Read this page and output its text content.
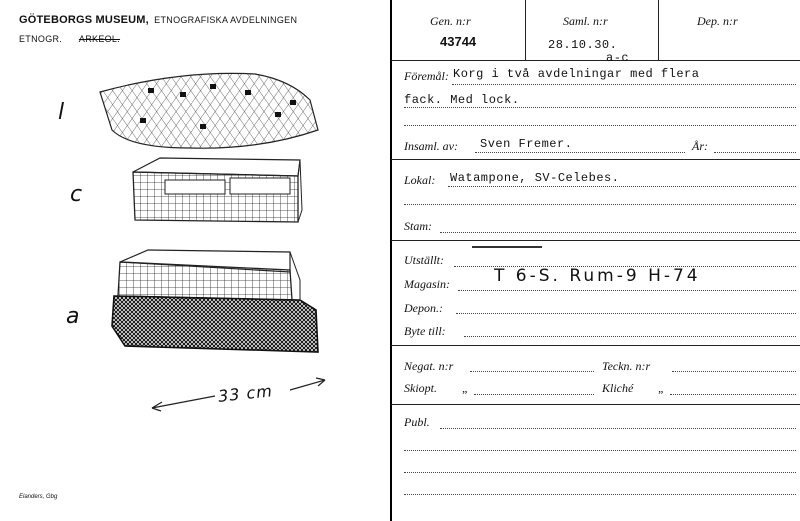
GÖTEBORGS MUSEUM, ETNOGRAFISKA AVDELNINGEN
ETNOGR. ARKEOL.
l
c
a
33 cm
Elanders, Gbg
Gen. n:r
43744
Saml. n:r
28.10.30.
a-c
Dep. n:r
Föremål: Korg i två avdelningar med flera
fack. Med lock.
Insaml. av: Sven Fremer.	År:
Lokal: Watampone, SV-Celebes.
Stam:
Utställt:
Magasin:	T 6-S. Rum-9 H-74
Depon.:
Byte till:
Negat. n:r	Teckn. n:r
Skiopt. „	Kliché „
Publ.
